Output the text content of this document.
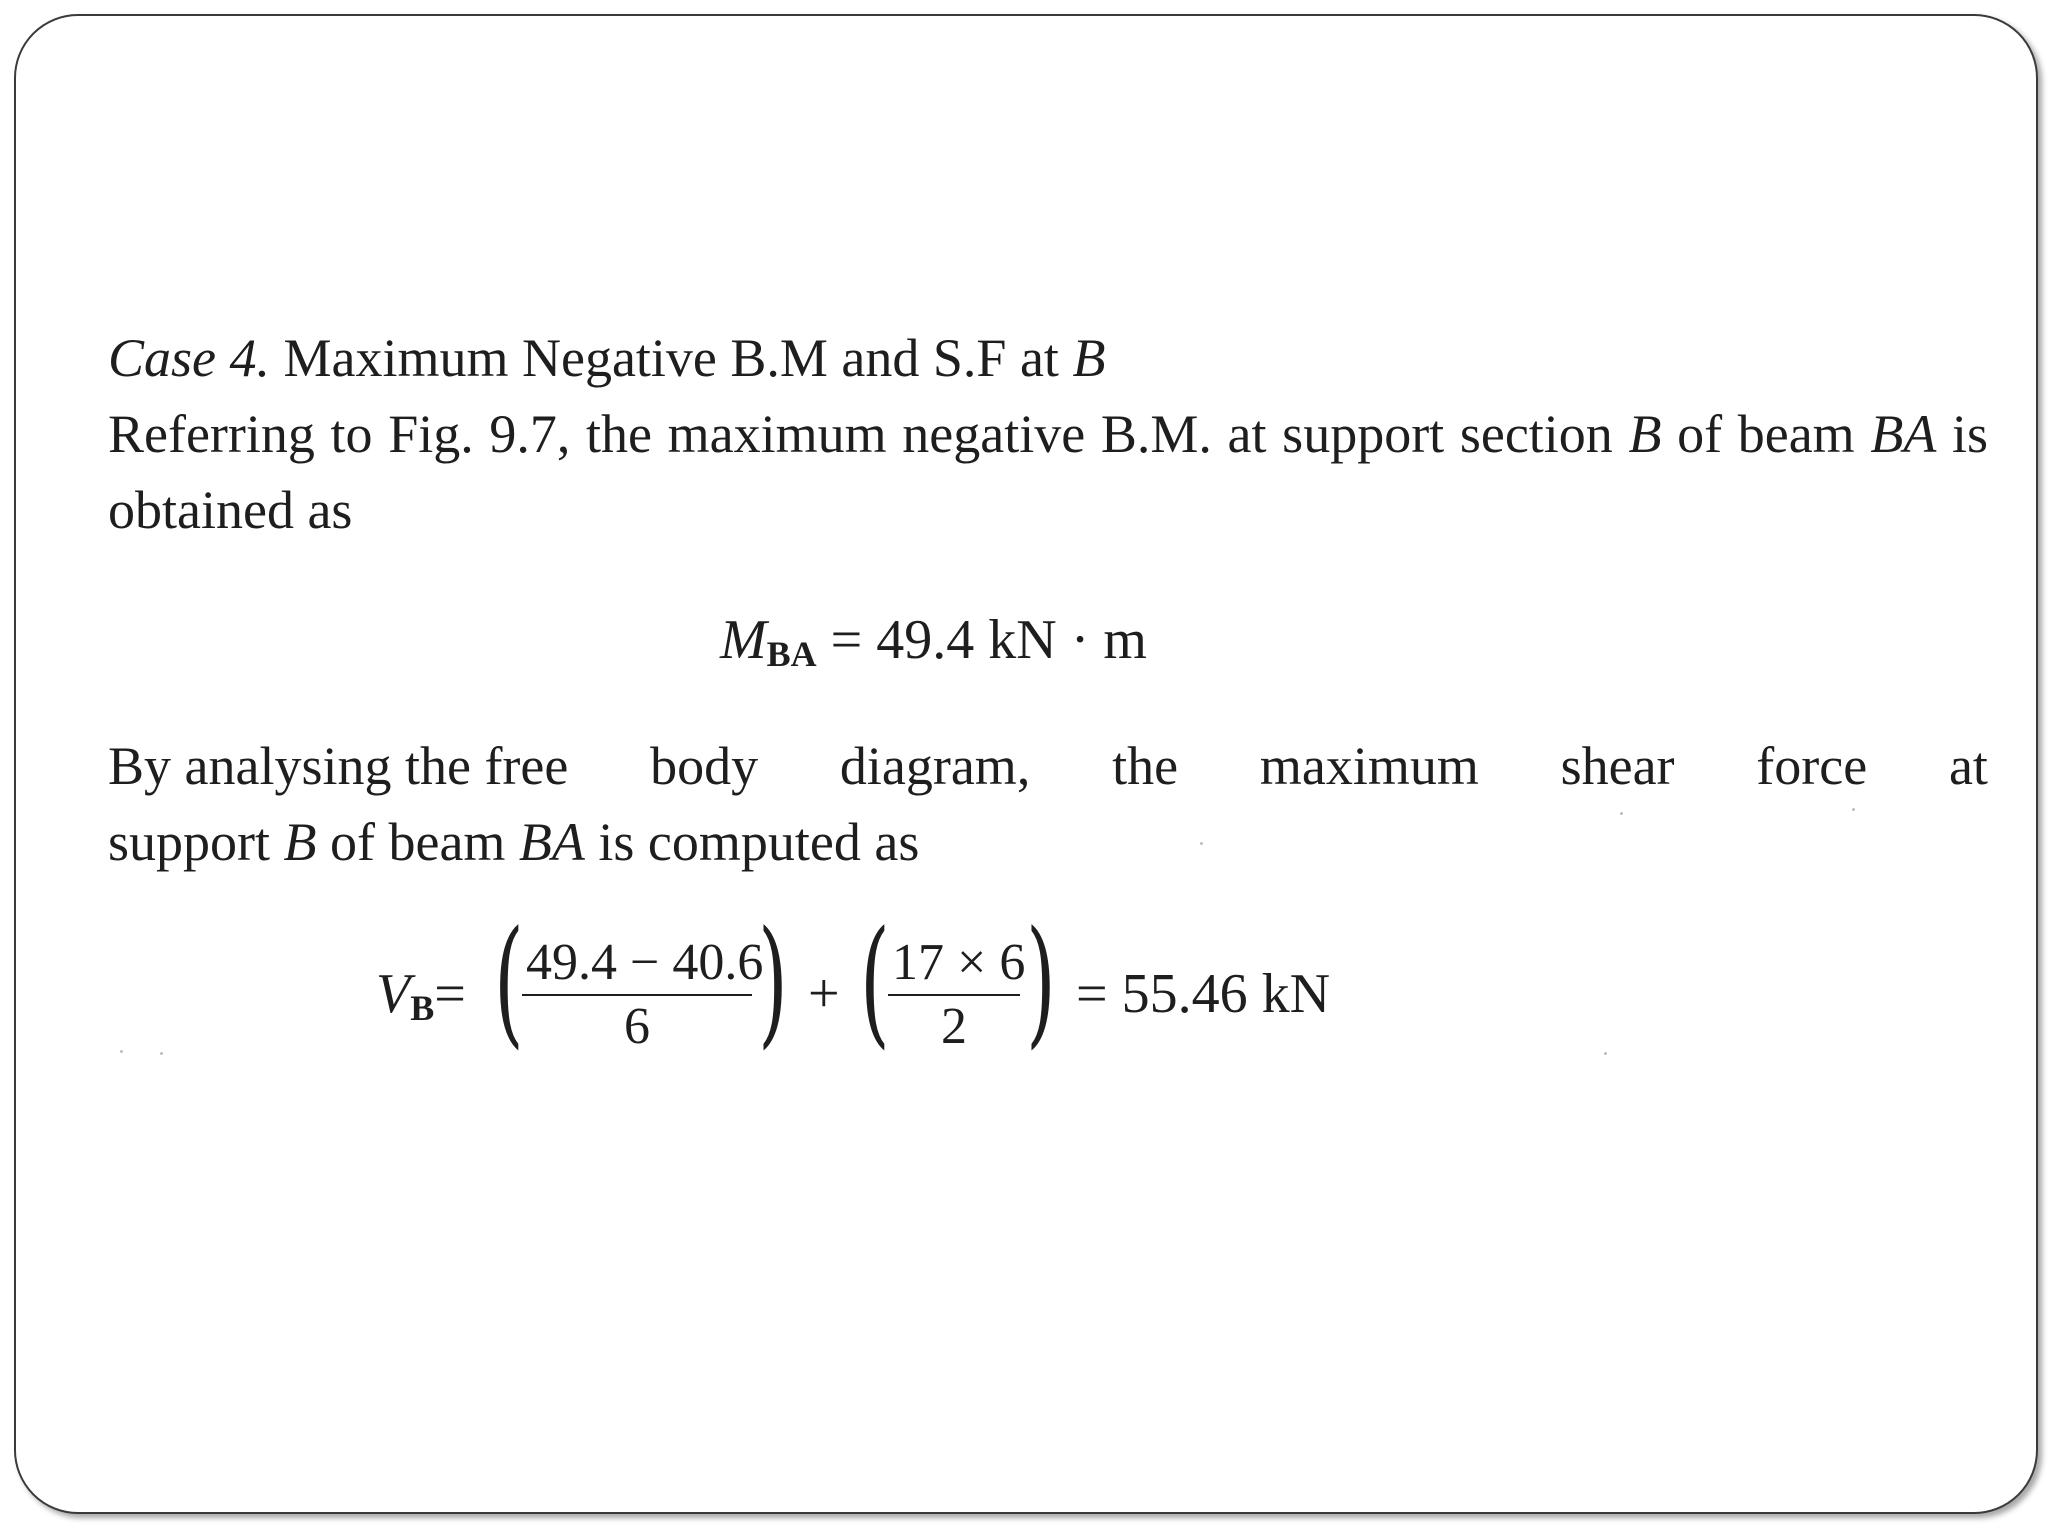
Case 4. Maximum Negative B.M and S.F at B
Referring to Fig. 9.7, the maximum negative B.M. at support section B of beam BA is obtained as
$M_{BA} = 49.4$ kN · m
By analysing the free body diagram, the maximum shear force at
support B of beam BA is computed as
$V_B=$ (
$\frac{49.4 - 40.6}{6}$ ) + (
$\frac{17 \times 6}{2}$ ) = 55.46 kN
